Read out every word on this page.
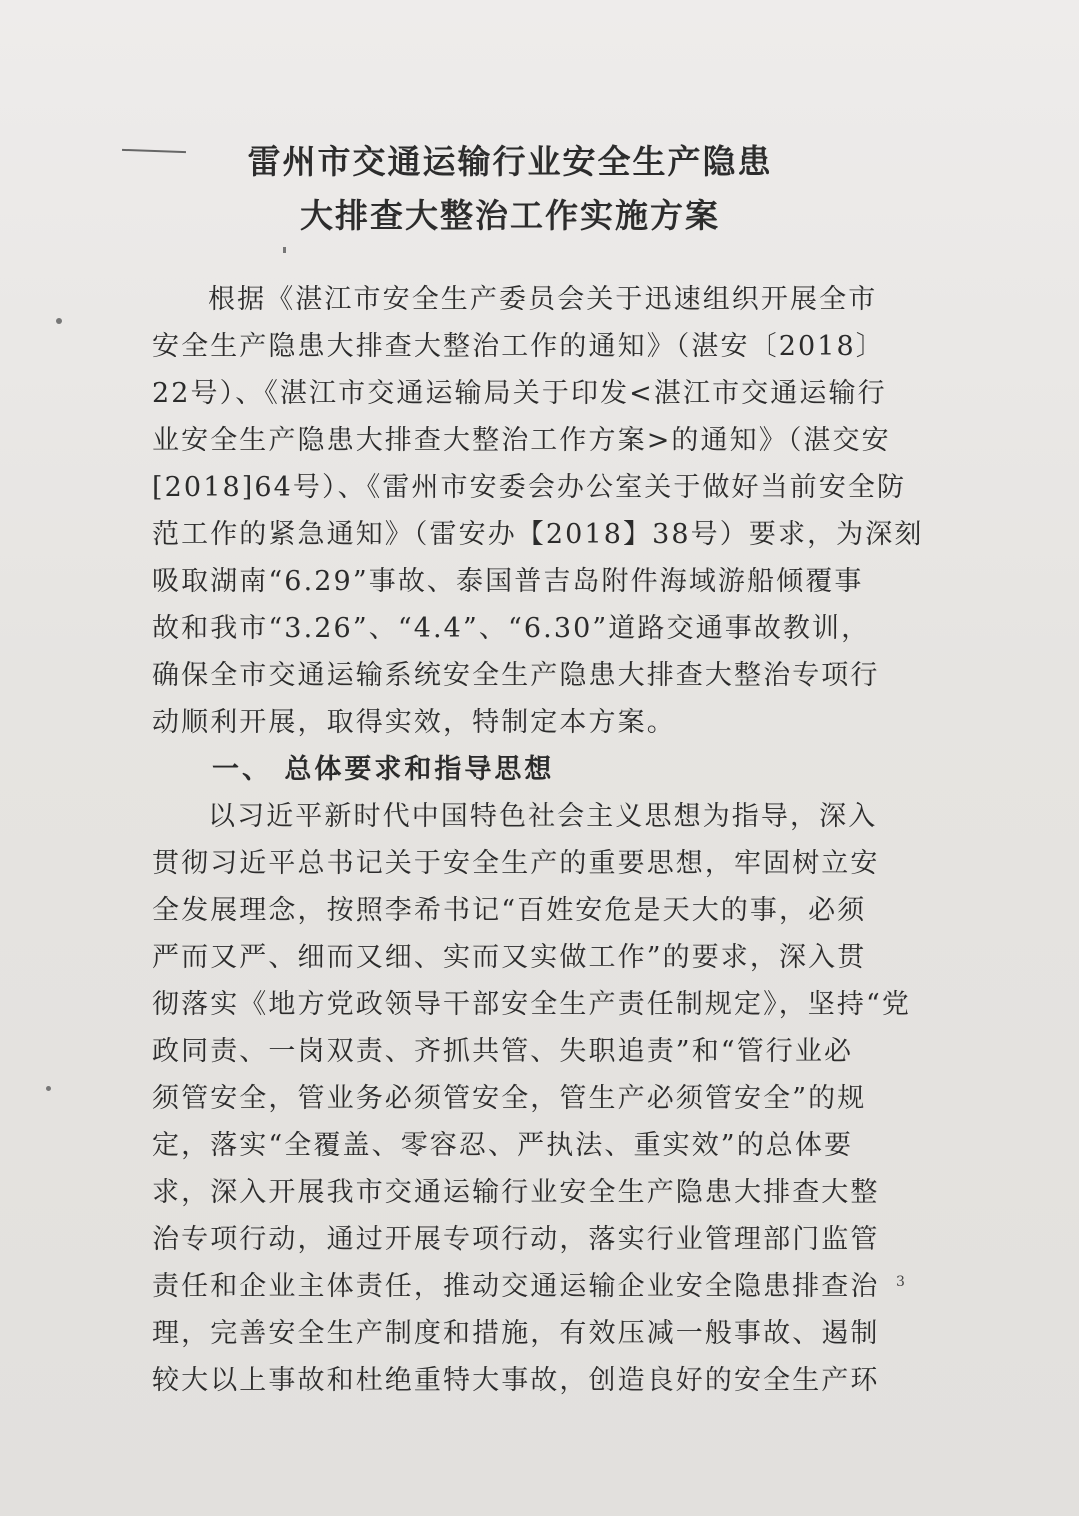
雷州市交通运输行业安全生产隐患
大排查大整治工作实施方案
根据《湛江市安全生产委员会关于迅速组织开展全市
安全生产隐患大排查大整治工作的通知》（湛安〔2018〕
22号）、《湛江市交通运输局关于印发<湛江市交通运输行
业安全生产隐患大排查大整治工作方案>的通知》（湛交安
[2018]64号）、《雷州市安委会办公室关于做好当前安全防
范工作的紧急通知》（雷安办【2018】38号）要求，为深刻
吸取湖南“6.29”事故、泰国普吉岛附件海域游船倾覆事
故和我市“3.26”、“4.4”、“6.30”道路交通事故教训，
确保全市交通运输系统安全生产隐患大排查大整治专项行
动顺利开展，取得实效，特制定本方案。
一、 总体要求和指导思想
以习近平新时代中国特色社会主义思想为指导，深入
贯彻习近平总书记关于安全生产的重要思想，牢固树立安
全发展理念，按照李希书记“百姓安危是天大的事，必须
严而又严、细而又细、实而又实做工作”的要求，深入贯
彻落实《地方党政领导干部安全生产责任制规定》，坚持“党
政同责、一岗双责、齐抓共管、失职追责”和“管行业必
须管安全，管业务必须管安全，管生产必须管安全”的规
定，落实“全覆盖、零容忍、严执法、重实效”的总体要
求，深入开展我市交通运输行业安全生产隐患大排查大整
治专项行动，通过开展专项行动，落实行业管理部门监管
责任和企业主体责任，推动交通运输企业安全隐患排查治
理，完善安全生产制度和措施，有效压减一般事故、遏制
较大以上事故和杜绝重特大事故，创造良好的安全生产环
3
